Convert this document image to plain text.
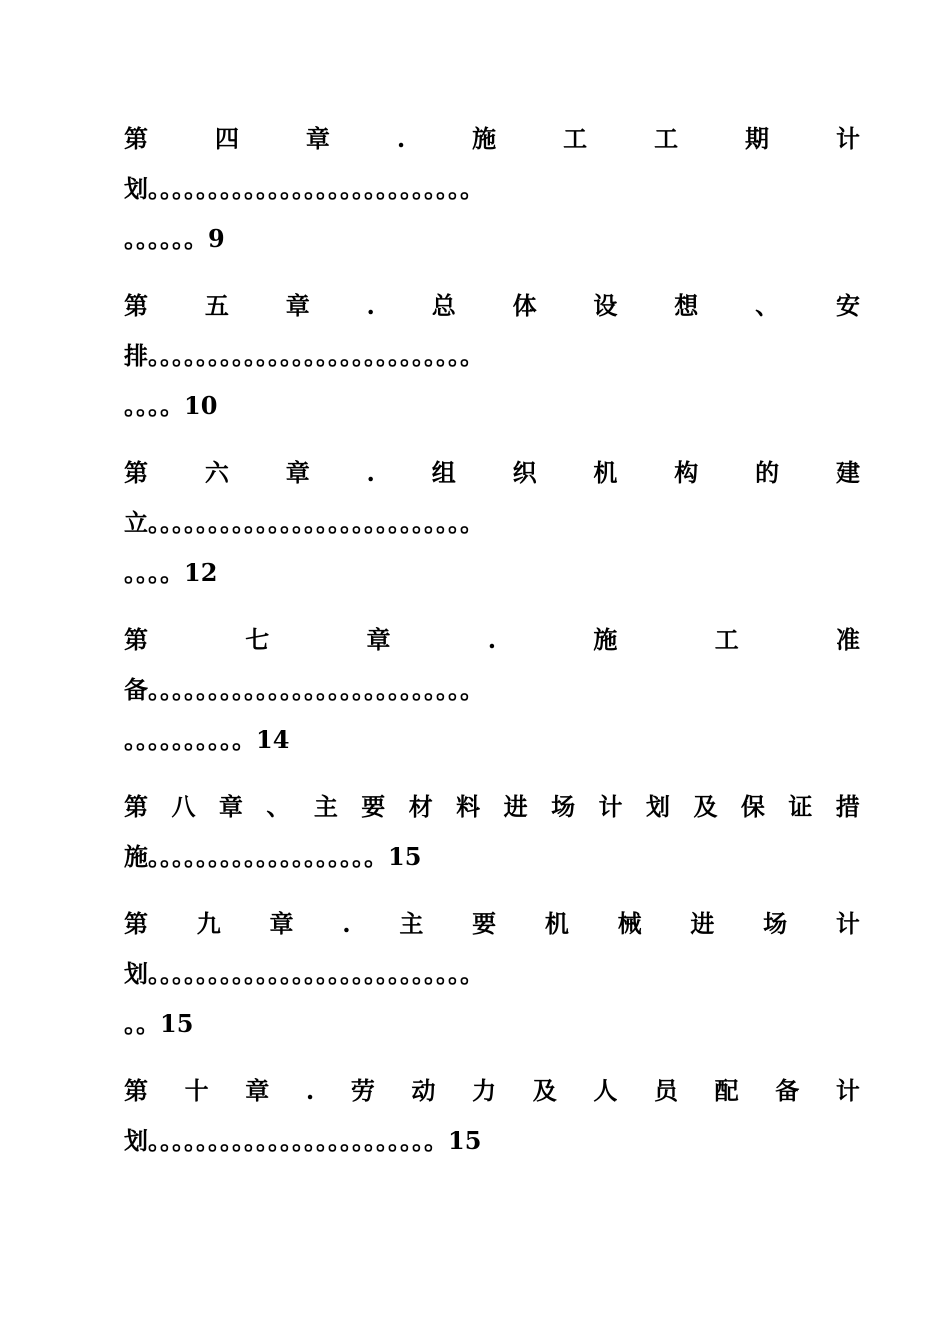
第	四	章	.	施	工	工	期	计
划。。。。。。。。。。。。。。。。。。。。。。。。。。。
。。。。。。9
第 五 章 . 总 体 设 想 、 安
排。。。。。。。。。。。。。。。。。。。。。。。。。。。
。。。。10
第 六 章 . 组 织 机 构 的 建
立。。。。。。。。。。。。。。。。。。。。。。。。。。。
。。。。12
第	七	章	.	施	工	准
备。。。。。。。。。。。。。。。。。。。。。。。。。。。
。。。。。。。。。。14
第 八 章 、 主 要 材 料 进 场 计 划 及 保 证 措
施。。。。。。。。。。。。。。。。。。。15
第 九 章 . 主 要 机 械 进 场 计
划。。。。。。。。。。。。。。。。。。。。。。。。。。。
。。15
第 十 章 . 劳 动 力 及 人 员 配 备 计
划。。。。。。。。。。。。。。。。。。。。。。。。15
